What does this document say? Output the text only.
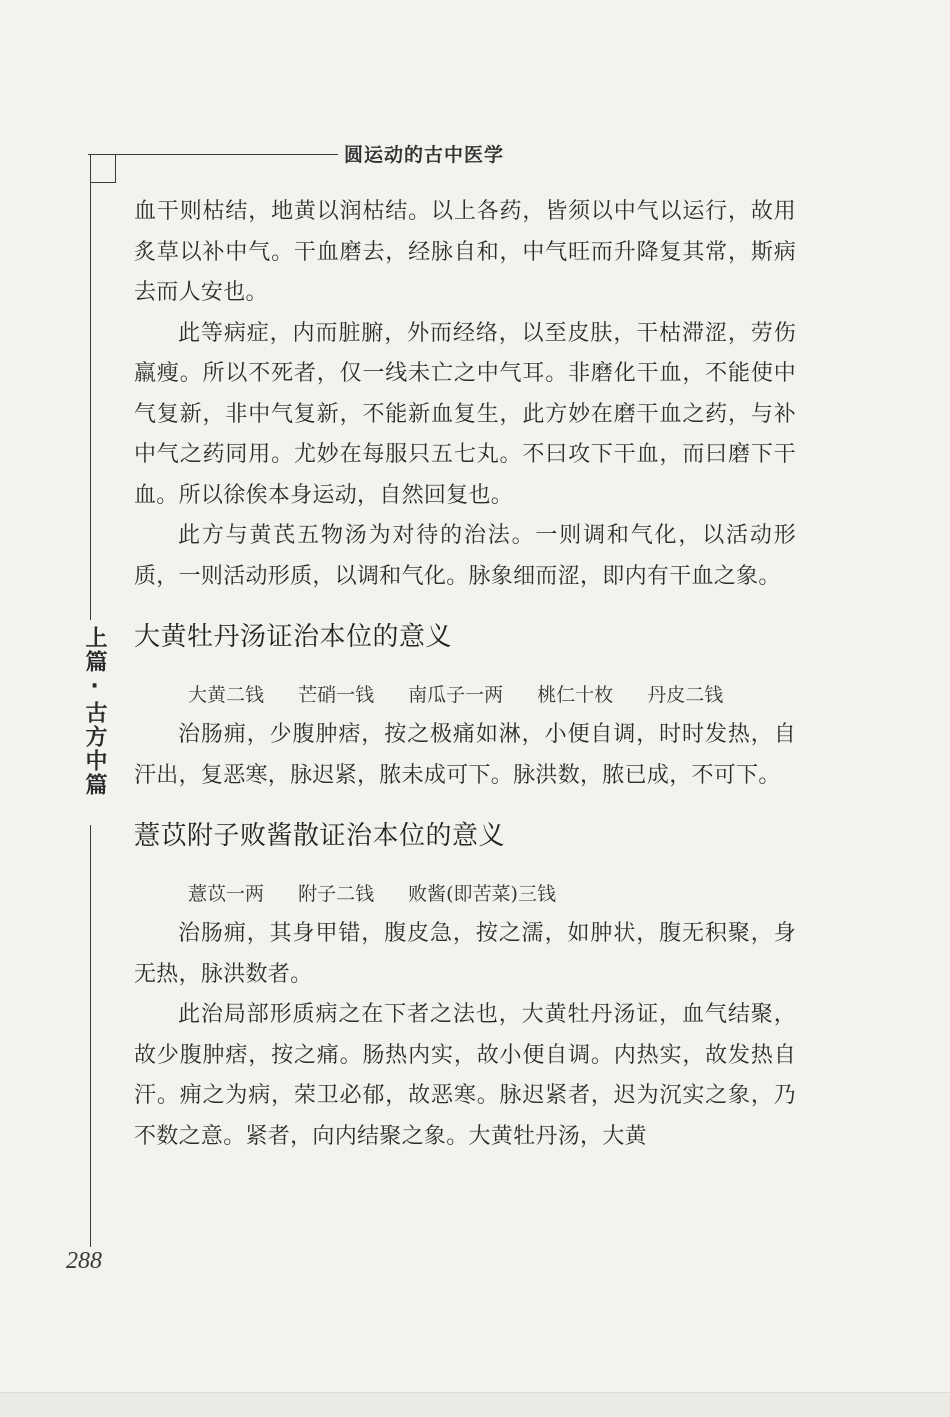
圆运动的古中医学
上篇·古方中篇

血干则枯结，地黄以润枯结。以上各药，皆须以中气以运行，故用炙草以补中气。干血磨去，经脉自和，中气旺而升降复其常，斯病去而人安也。

此等病症，内而脏腑，外而经络，以至皮肤，干枯滞涩，劳伤羸瘦。所以不死者，仅一线未亡之中气耳。非磨化干血，不能使中气复新，非中气复新，不能新血复生，此方妙在磨干血之药，与补中气之药同用。尤妙在每服只五七丸。不曰攻下干血，而曰磨下干血。所以徐俟本身运动，自然回复也。

此方与黄芪五物汤为对待的治法。一则调和气化，以活动形质，一则活动形质，以调和气化。脉象细而涩，即内有干血之象。

大黄牡丹汤证治本位的意义
大黄二钱 芒硝一钱 南瓜子一两 桃仁十枚 丹皮二钱

治肠痈，少腹肿痞，按之极痛如淋，小便自调，时时发热，自汗出，复恶寒，脉迟紧，脓未成可下。脉洪数，脓已成，不可下。

薏苡附子败酱散证治本位的意义
薏苡一两 附子二钱 败酱(即苦菜)三钱

治肠痈，其身甲错，腹皮急，按之濡，如肿状，腹无积聚，身无热，脉洪数者。

此治局部形质病之在下者之法也，大黄牡丹汤证，血气结聚，故少腹肿痞，按之痛。肠热内实，故小便自调。内热实，故发热自汗。痈之为病，荣卫必郁，故恶寒。脉迟紧者，迟为沉实之象，乃不数之意。紧者，向内结聚之象。大黄牡丹汤，大黄

288
